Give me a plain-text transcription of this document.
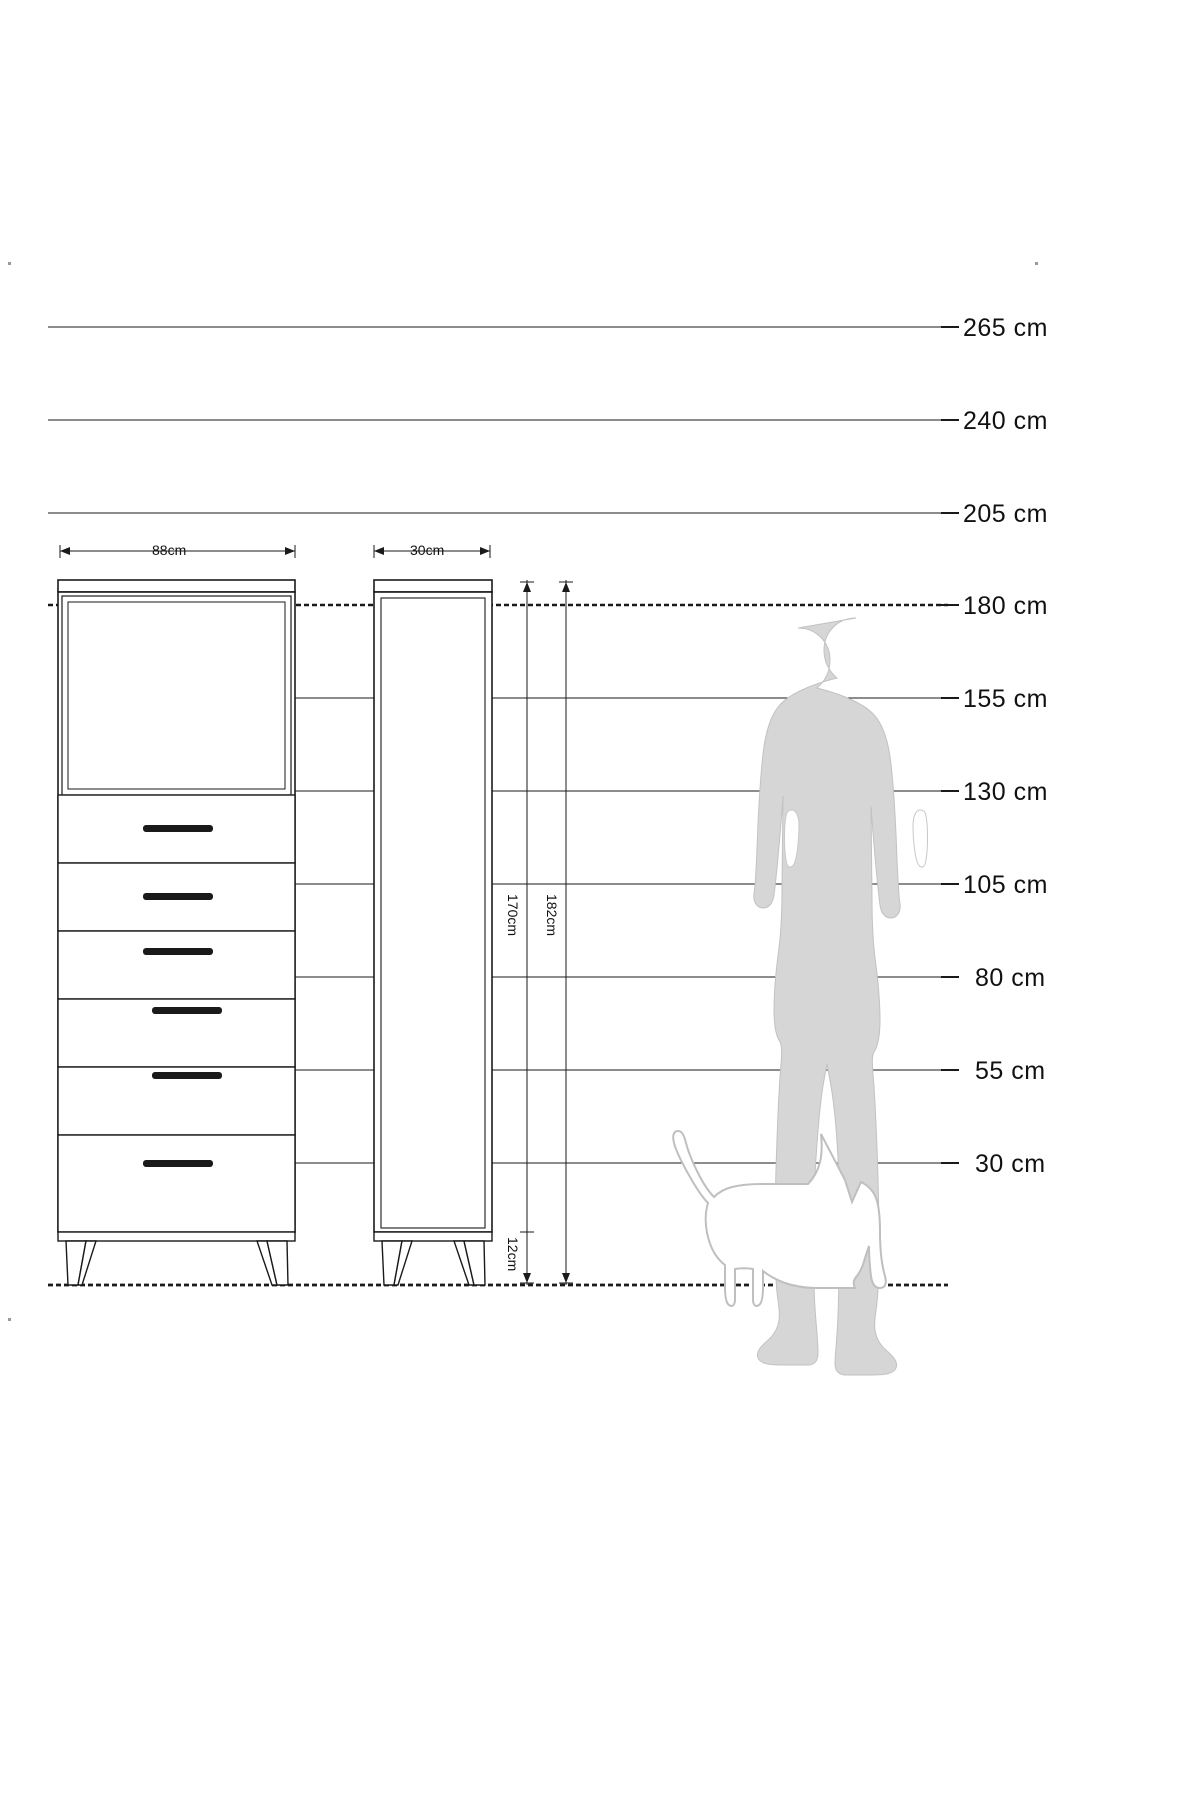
265 cm
240 cm
205 cm
180 cm
155 cm
130 cm
105 cm
80 cm
55 cm
30 cm
88cm	30cm
170cm 182cm
12cm
